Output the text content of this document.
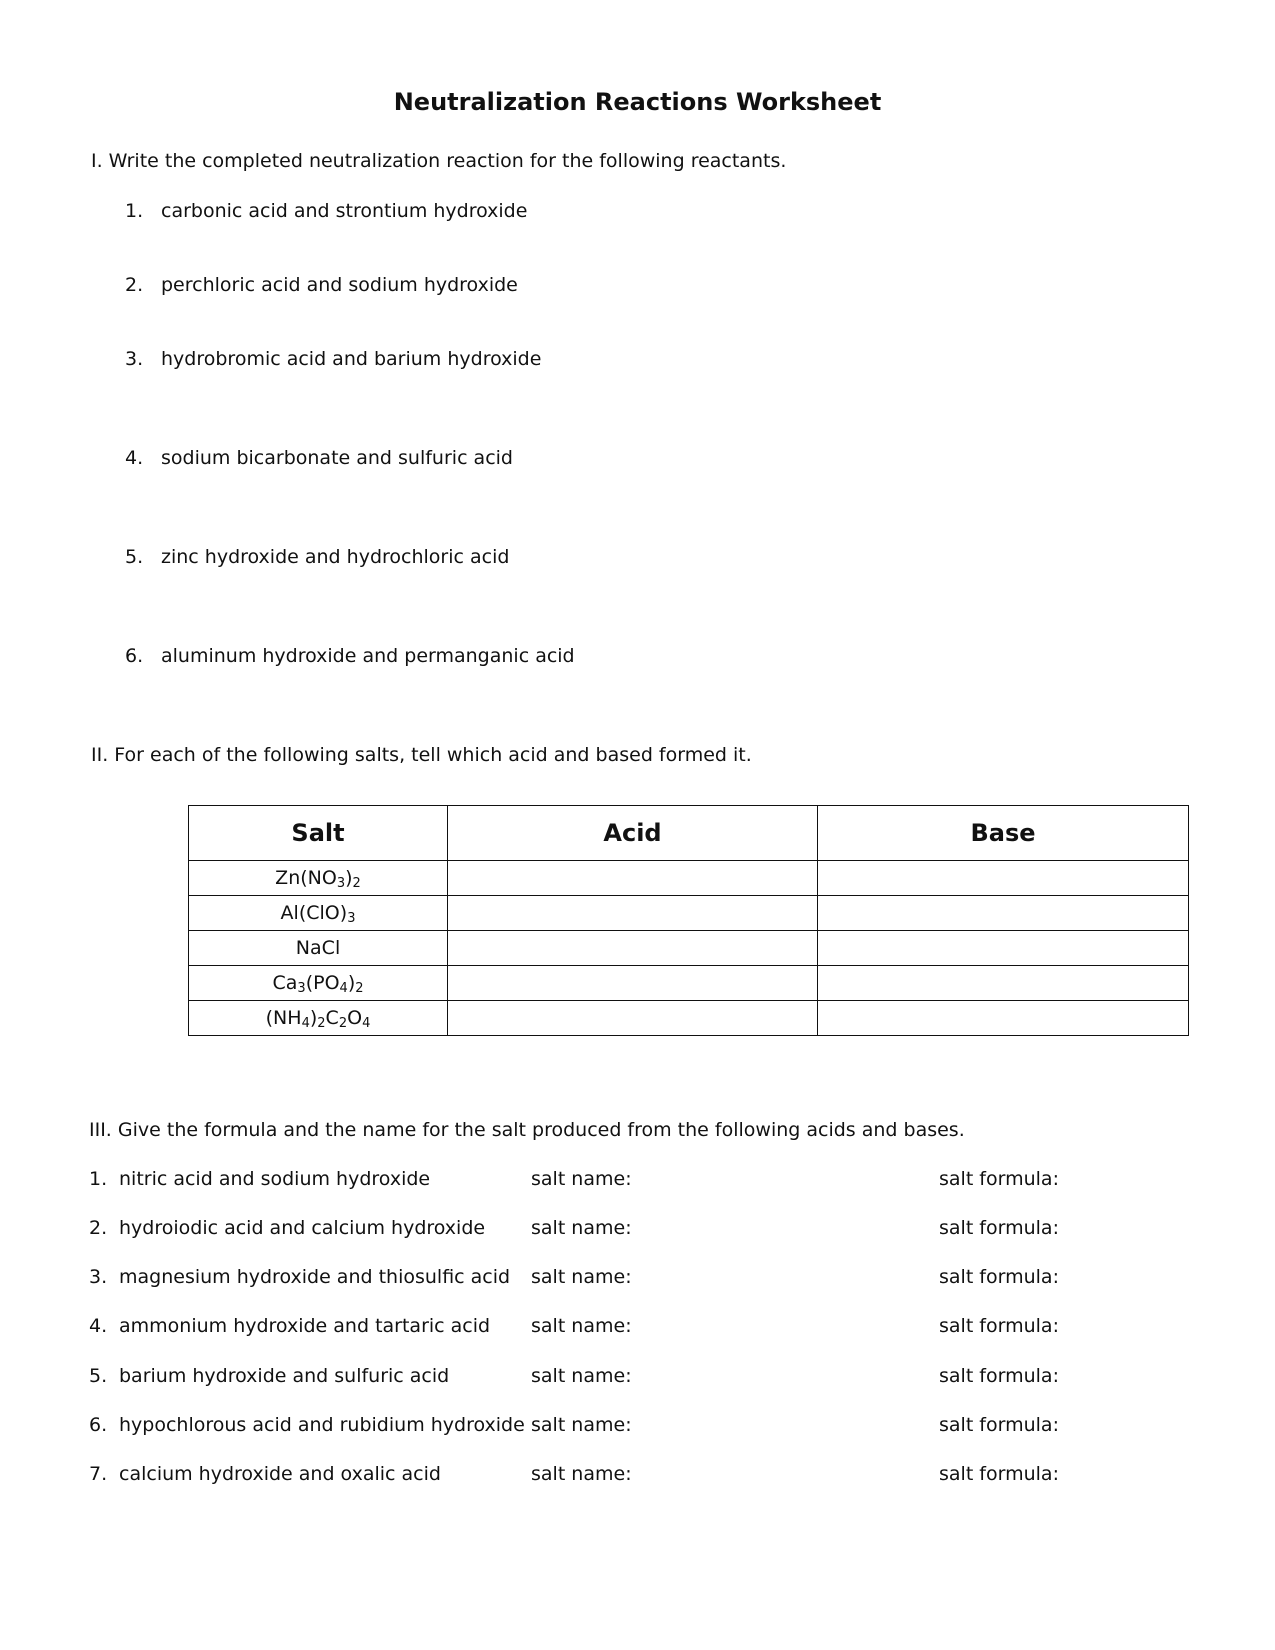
Neutralization Reactions Worksheet
I. Write the completed neutralization reaction for the following reactants.
1. carbonic acid and strontium hydroxide
2. perchloric acid and sodium hydroxide
3. hydrobromic acid and barium hydroxide
4. sodium bicarbonate and sulfuric acid
5. zinc hydroxide and hydrochloric acid
6. aluminum hydroxide and permanganic acid
II. For each of the following salts, tell which acid and based formed it.
Salt	Acid	Base
$Zn(NO_3)_2$		
$Al(ClO)_3$		
NaCl		
$Ca_3(PO_4)_2$		
$(NH_4)_2C_2O_4$		
III. Give the formula and the name for the salt produced from the following acids and bases.
1. nitric acid and sodium hydroxide	salt name:	salt formula:
2. hydroiodic acid and calcium hydroxide salt name:	salt formula:
3. magnesium hydroxide and thiosulfic acid salt name:	salt formula:
4. ammonium hydroxide and tartaric acid salt name:	salt formula:
5. barium hydroxide and sulfuric acid	salt name:	salt formula:
6. hypochlorous acid and rubidium hydroxide salt name:	salt formula:
7. calcium hydroxide and oxalic acid	salt name:	salt formula:
